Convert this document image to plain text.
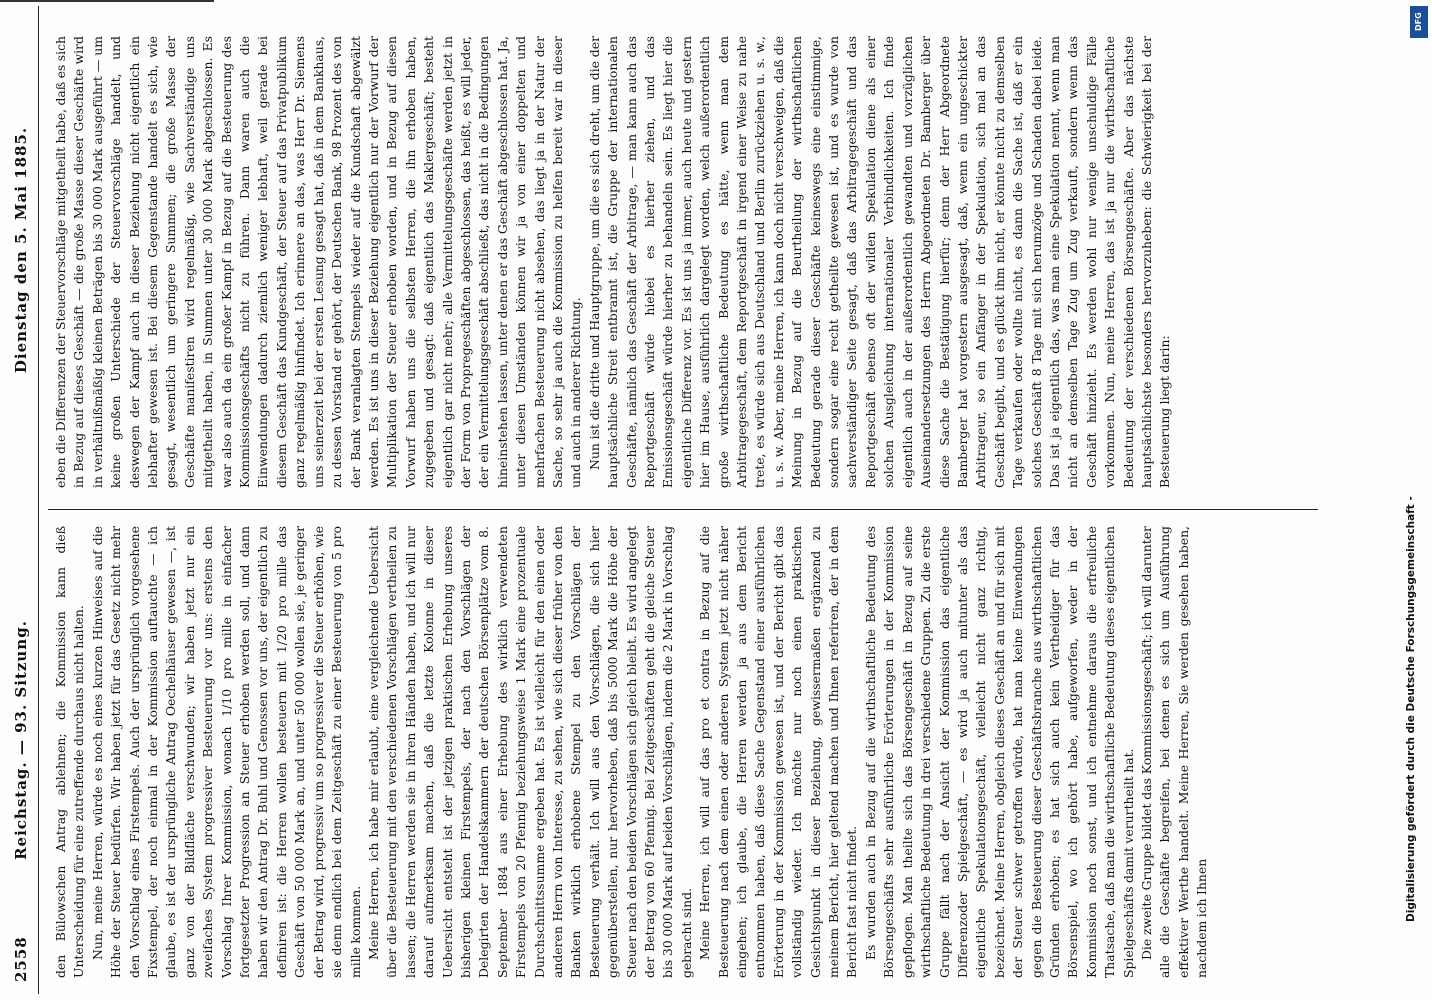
2558
Reichstag. — 93. Sitzung.
Dienstag den 5. Mai 1885.

den Bülowschen Antrag ablehnen; die Kommission kann dieß Unterscheidung für eine zutreffende durchaus nicht halten. Nun, meine Herren, würde es noch eines kurzen Hinweises auf die Höhe der Steuer bedürfen. Wir haben jetzt für das Gesetz nicht mehr den Vorschlag eines Firstempels. Auch der ursprünglich vorgesehene Fixstempel, der noch einmal in der Kommission auftauchte — ich glaube, es ist der ursprüngliche Antrag Oechelhäuser gewesen —, ist ganz von der Bildfläche verschwunden; wir haben jetzt nur ein zweifaches System progressiver Besteuerung vor uns: erstens den Vorschlag Ihrer Kommission, wonach 1/10 pro mille in einfacher fortgesetzter Progression an Steuer erhoben werden soll, und dann haben wir den Antrag Dr. Buhl und Genossen vor uns, der eigentlich zu definiren ist: die Herren wollen besteuern mit 1/20 pro mille das Geschäft von 50 000 Mark an, und unter 50 000 wollen sie, je geringer der Betrag wird, progressiv um so progressiver die Steuer erhöhen, wie sie denn endlich bei dem Zeitgeschäft zu einer Besteuerung von 5 pro mille kommen. Meine Herren, ich habe mir erlaubt, eine vergleichende Uebersicht über die Besteuerung mit den verschiedenen Vorschlägen vertheilen zu lassen; die Herren werden sie in ihren Händen haben, und ich will nur darauf aufmerksam machen, daß die letzte Kolonne in dieser Uebersicht entsteht ist der jetzigen praktischen Erhebung unseres bisherigen kleinen Firstempels, der nach den Vorschlägen der Delegirten der Handelskammern der deutschen Börsenplätze vom 8. September 1884 aus einer Erhebung des wirklich verwendeten Firstempels von 20 Pfennig beziehungsweise 1 Mark eine prozentuale Durchschnittssumme ergeben hat. Es ist vielleicht für den einen oder anderen Herrn von Interesse, zu sehen, wie sich dieser früher von den Banken wirklich erhobene Stempel zu den Vorschlägen der Besteuerung verhält. Ich will aus den Vorschlägen, die sich hier gegenüberstellen, nur hervorheben, daß bis 5000 Mark die Höhe der Steuer nach den beiden Vorschlägen sich gleich bleibt. Es wird angelegt der Betrag von 60 Pfennig. Bei Zeitgeschäften geht die gleiche Steuer bis 30 000 Mark auf beiden Vorschlägen, indem die 2 Mark in Vorschlag gebracht sind. Meine Herren, ich will auf das pro et contra in Bezug auf die Besteuerung nach dem einen oder anderen System jetzt nicht näher eingehen; ich glaube, die Herren werden ja aus dem Bericht entnommen haben, daß diese Sache Gegenstand einer ausführlichen Erörterung in der Kommission gewesen ist, und der Bericht gibt das vollständig wieder. Ich möchte nur noch einen praktischen Gesichtspunkt in dieser Beziehung, gewissermaßen ergänzend zu meinem Bericht, hier geltend machen und Ihnen referiren, der in dem Bericht fast nicht findet. Es wurden auch in Bezug auf die wirthschaftliche Bedeutung des Börsengeschäfts sehr ausführliche Erörterungen in der Kommission gepflogen. Man theilte sich das Börsengeschäft in Bezug auf seine wirthschaftliche Bedeutung in drei verschiedene Gruppen. Zu die erste Gruppe fällt nach der Ansicht der Kommission das eigentliche Differenzoder Spielgeschäft, — es wird ja auch mitunter als das eigentliche Spekulationsgeschäft, vielleicht nicht ganz richtig, bezeichnet. Meine Herren, obgleich dieses Geschäft an und für sich mit der Steuer schwer getroffen würde, hat man keine Einwendungen gegen die Besteuerung dieser Geschäftsbranche aus wirthschaftlichen Gründen erhoben; es hat sich auch kein Vertheidiger für das Börsenspiel, wo ich gehört habe, aufgeworfen, weder in der Kommission noch sonst, und ich entnehme daraus die erfreuliche Thatsache, daß man die wirthschaftliche Bedeutung dieses eigentlichen Spielgeschäfts damit verurtheilt hat. Die zweite Gruppe bildet das Kommissionsgeschäft; ich will darunter alle die Geschäfte begreifen, bei denen es sich um Ausführung effektiver Werthe handelt. Meine Herren, Sie werden gesehen haben, nachdem ich Ihnen

eben die Differenzen der Steuervorschläge mitgetheilt habe, daß es sich in Bezug auf dieses Geschäft — die große Masse dieser Geschäfte wird in verhältnißmäßig kleinen Beträgen bis 30 000 Mark ausgeführt — um keine großen Unterschiede der Steuervorschläge handelt, und deswegen der Kampf auch in dieser Beziehung nicht eigentlich ein lebhafter gewesen ist. Bei diesem Gegenstande handelt es sich, wie gesagt, wesentlich um geringere Summen; die große Masse der Geschäfte manifestiren wird regelmäßig, wie Sachverständige uns mitgetheilt haben, in Summen unter 30 000 Mark abgeschlossen. Es war also auch da ein großer Kampf in Bezug auf die Besteuerung des Kommissionsgeschäfts nicht zu führen. Dann waren auch die Einwendungen dadurch ziemlich weniger lebhaft, weil gerade bei diesem Geschäft das Kundgeschäft, der Steuer auf das Privatpublikum ganz regelmäßig hinfindet. Ich erinnere an das, was Herr Dr. Siemens uns seinerzeit bei der ersten Lesung gesagt hat, daß in dem Bankhaus, zu dessen Vorstand er gehört, der Deutschen Bank, 98 Prozent des von der Bank veranlagten Stempels wieder auf die Kundschaft abgewälzt werden. Es ist uns in dieser Beziehung eigentlich nur der Vorwurf der Multiplikation der Steuer erhoben worden, und in Bezug auf diesen Vorwurf haben uns die selbsten Herren, die ihn erhoben haben, zugegeben und gesagt: daß eigentlich das Maklergeschäft; besteht eigentlich gar nicht mehr; alle Vermittelungsgeschäfte werden jetzt in der Form von Propregeschäften abgeschlossen, das heißt, es will jeder, der ein Vermittelungsgeschäft abschließt, das nicht in die Bedingungen hineinstehen lassen, unter denen er das Geschäft abgeschlossen hat. Ja, unter diesen Umständen können wir ja von einer doppelten und mehrfachen Besteuerung nicht absehen, das liegt ja in der Natur der Sache, so sehr ja auch die Kommission zu helfen bereit war in dieser und auch in anderer Richtung. Nun ist die dritte und Hauptgruppe, um die es sich dreht, um die der hauptsächliche Streit entbrannt ist, die Gruppe der internationalen Geschäfte, nämlich das Geschäft der Arbitrage, — man kann auch das Reportgeschäft würde hiebei es hierher ziehen, und das Emissionsgeschäft würde hierher zu behandeln sein. Es liegt hier die eigentliche Differenz vor. Es ist uns ja immer, auch heute und gestern hier im Hause, ausführlich dargelegt worden, welch außerordentlich große wirthschaftliche Bedeutung es hätte, wenn man dem Arbitragegeschäft, dem Reportgeschäft in irgend einer Weise zu nahe trete, es würde sich aus Deutschland und Berlin zurückziehen u. s. w., u. s. w. Aber, meine Herren, ich kann doch nicht verschweigen, daß die Meinung in Bezug auf die Beurtheilung der wirthschaftlichen Bedeutung gerade dieser Geschäfte keineswegs eine einstimmige, sondern sogar eine recht getheilte gewesen ist, und es wurde von sachverständiger Seite gesagt, daß das Arbitragegeschäft und das Reportgeschäft ebenso oft der wilden Spekulation diene als einer solchen Ausgleichung internationaler Verbindlichkeiten. Ich finde eigentlich auch in der außerordentlich gewandten und vorzüglichen Auseinandersetzungen des Herrn Abgeordneten Dr. Bamberger über diese Sache die Bestätigung hierfür; denn der Herr Abgeordnete Bamberger hat vorgestern ausgesagt, daß, wenn ein ungeschickter Arbitrageur, so ein Anfänger in der Spekulation, sich mal an das Geschäft begibt, und es glückt ihm nicht, er könnte nicht zu demselben Tage verkaufen oder wollte nicht, es dann die Sache ist, daß er ein solches Geschäft 8 Tage mit sich herumzöge und Schaden dabei leide. Das ist ja eigentlich das, was man eine Spekulation nennt, wenn man nicht an demselben Tage Zug um Zug verkauft, sondern wenn das Geschäft hinzieht. Es werden wohl nur wenige unschuldige Fälle vorkommen. Nun, meine Herren, das ist ja nur die wirthschaftliche Bedeutung der verschiedenen Börsengeschäfte. Aber das nächste hauptsächlichste besonders hervorzuheben: die Schwierigkeit bei der Besteuerung liegt darin:

Digitalisierung gefördert durch die Deutsche Forschungsgemeinschaft -
DFG
